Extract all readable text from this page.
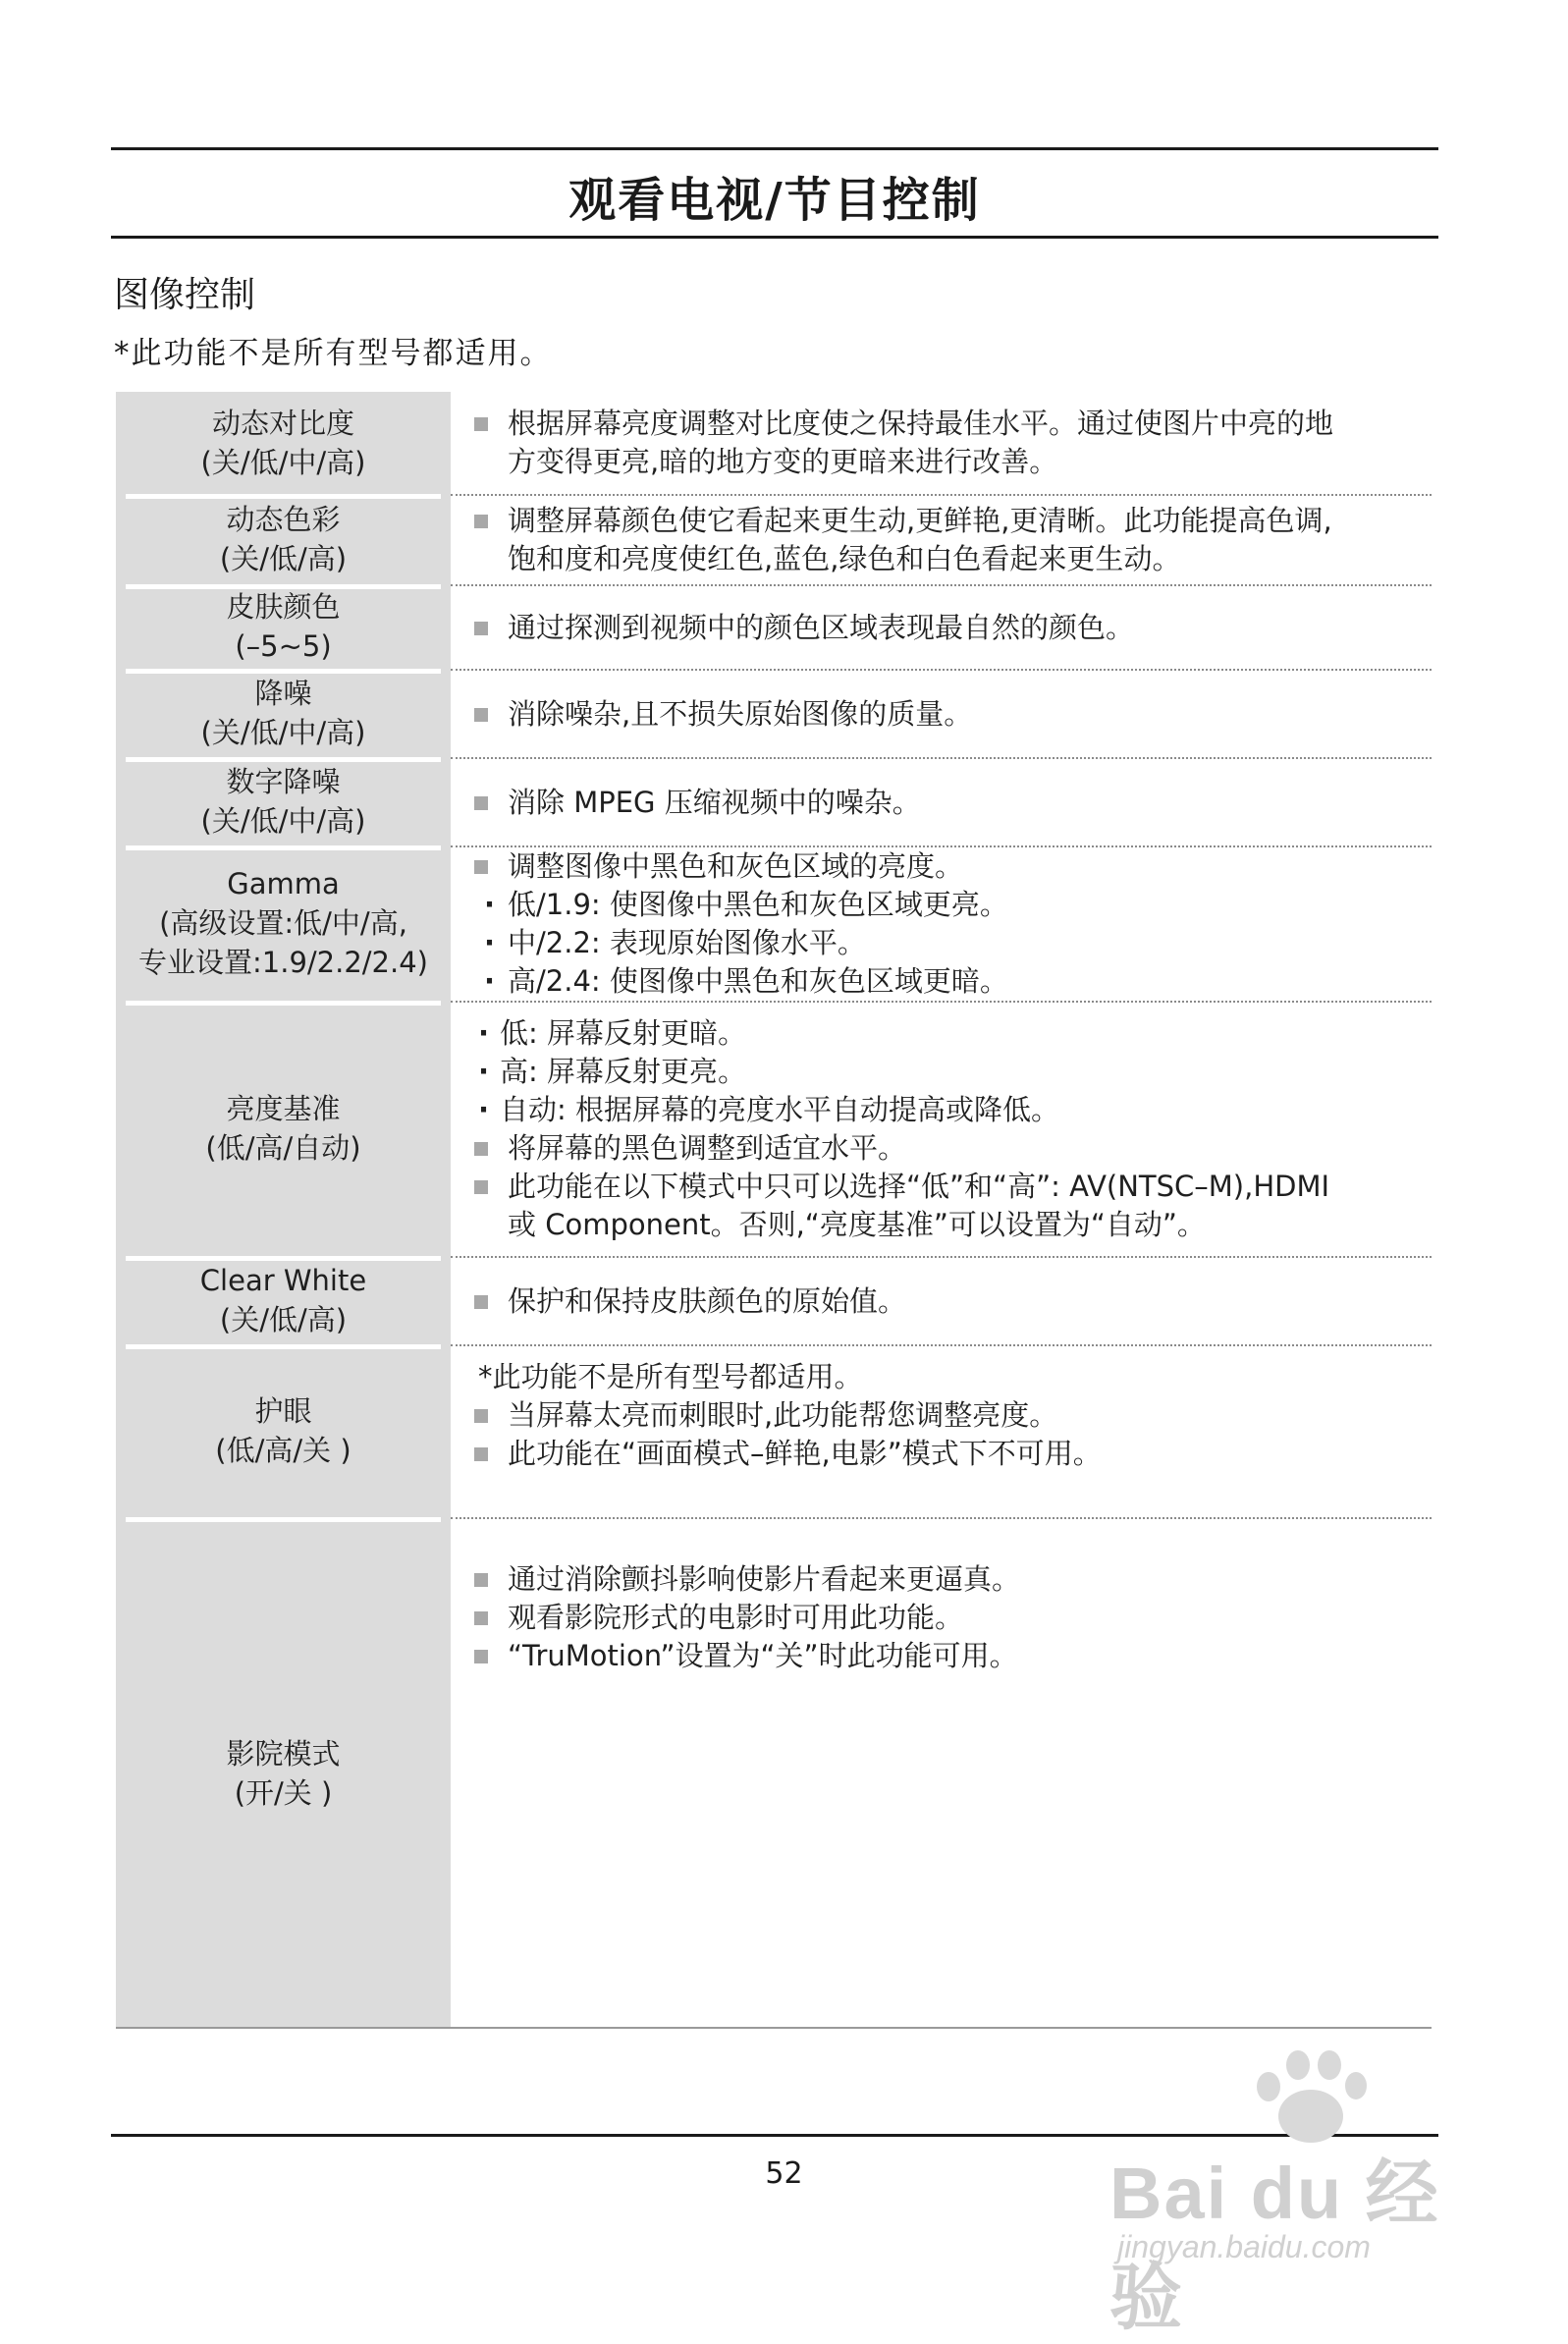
观看电视/节目控制
图像控制
*此功能不是所有型号都适用。
动态对比度
(关/低/中/高)
根据屏幕亮度调整对比度使之保持最佳水平。通过使图片中亮的地
方变得更亮,暗的地方变的更暗来进行改善。
动态色彩
(关/低/高)
调整屏幕颜色使它看起来更生动,更鲜艳,更清晰。此功能提高色调,
饱和度和亮度使红色,蓝色,绿色和白色看起来更生动。
皮肤颜色
(–5~5)
通过探测到视频中的颜色区域表现最自然的颜色。
降噪
(关/低/中/高)
消除噪杂,且不损失原始图像的质量。
数字降噪
(关/低/中/高)
消除 MPEG 压缩视频中的噪杂。
Gamma
(高级设置:低/中/高,
专业设置:1.9/2.2/2.4)
调整图像中黑色和灰色区域的亮度。
· 低/1.9: 使图像中黑色和灰色区域更亮。
· 中/2.2: 表现原始图像水平。
· 高/2.4: 使图像中黑色和灰色区域更暗。
亮度基准
(低/高/自动)
· 低: 屏幕反射更暗。
· 高: 屏幕反射更亮。
· 自动: 根据屏幕的亮度水平自动提高或降低。
将屏幕的黑色调整到适宜水平。
此功能在以下模式中只可以选择“低”和“高”: AV(NTSC–M),HDMI
或 Component。否则,“亮度基准”可以设置为“自动”。
Clear White
(关/低/高)
保护和保持皮肤颜色的原始值。
护眼
(低/高/关 )
*此功能不是所有型号都适用。
当屏幕太亮而刺眼时,此功能帮您调整亮度。
此功能在“画面模式–鲜艳,电影”模式下不可用。
影院模式
(开/关 )
通过消除颤抖影响使影片看起来更逼真。
观看影院形式的电影时可用此功能。
“TruMotion”设置为“关”时此功能可用。
52	Bai du 经验
jingyan.baidu.com
